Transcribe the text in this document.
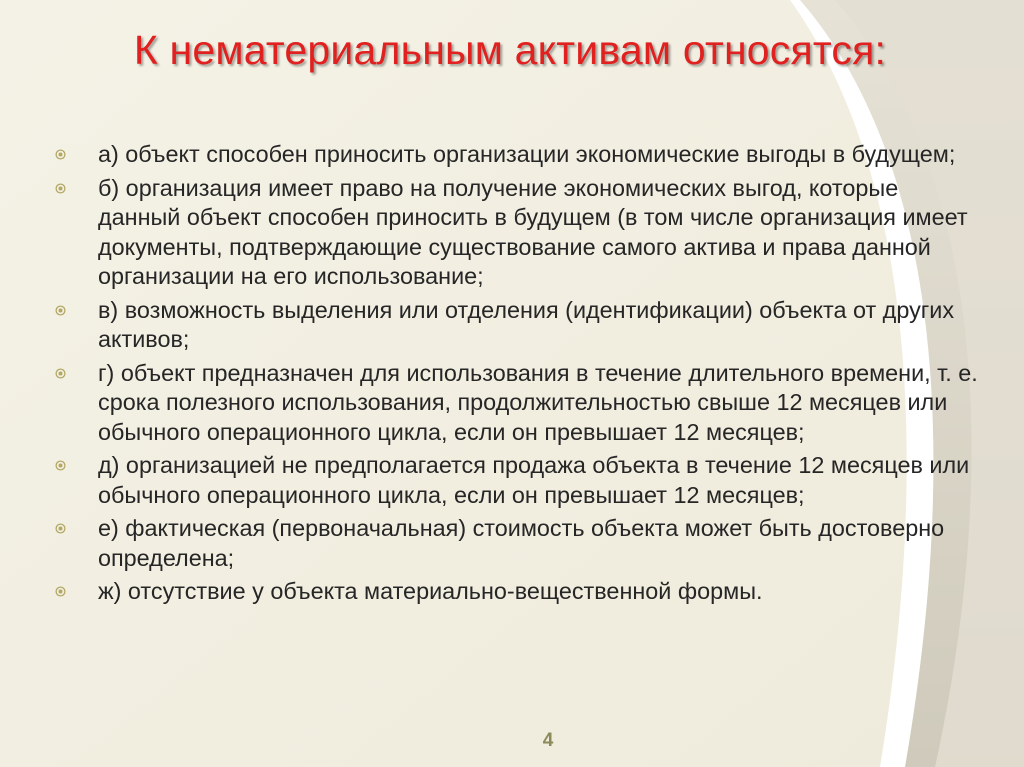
К нематериальным активам относятся:
а) объект способен приносить организации экономические выгоды в будущем;
б) организация имеет право на получение экономических выгод, которые данный объект способен приносить в будущем (в том числе организация имеет документы, подтверждающие существование самого актива и права данной организации на его использование;
в) возможность выделения или отделения (идентификации) объекта от других активов;
г) объект предназначен для использования в течение длительного времени, т. е. срока полезного использования, продолжительностью свыше 12 месяцев или обычного операционного цикла, если он превышает 12 месяцев;
д) организацией не предполагается продажа объекта в течение 12 месяцев или обычного операционного цикла, если он превышает 12 месяцев;
е) фактическая (первоначальная) стоимость объекта может быть достоверно определена;
ж) отсутствие у объекта материально-вещественной формы.
4
